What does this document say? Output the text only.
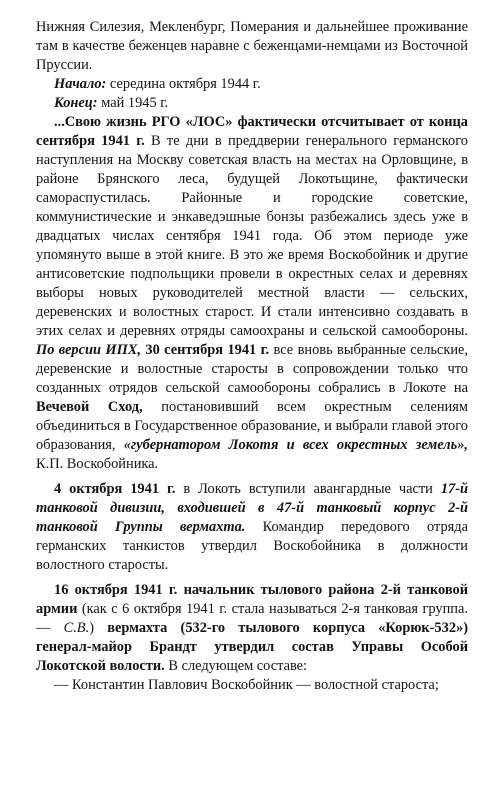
Нижняя Силезия, Мекленбург, Померания и дальнейшее проживание там в качестве беженцев наравне с беженцами-немцами из Восточной Пруссии.

Начало: середина октября 1944 г.

Конец: май 1945 г.

...Свою жизнь РГО «ЛОС» фактически отсчитывает от конца сентября 1941 г. В те дни в преддверии генерального германского наступления на Москву советская власть на местах на Орловщине, в районе Брянского леса, будущей Локотьщине, фактически самораспустилась. Районные и городские советские, коммунистические и энкаведэшные бонзы разбежались здесь уже в двадцатых числах сентября 1941 года. Об этом периоде уже упомянуто выше в этой книге. В это же время Воскобойник и другие антисоветские подпольщики провели в окрестных селах и деревнях выборы новых руководителей местной власти — сельских, деревенских и волостных старост. И стали интенсивно создавать в этих селах и деревнях отряды самоохраны и сельской самообороны. По версии ИПХ, 30 сентября 1941 г. все вновь выбранные сельские, деревенские и волостные старосты в сопровождении только что созданных отрядов сельской самообороны собрались в Локоте на Вечевой Сход, постановивший всем окрестным селениям объединиться в Государственное образование, и выбрали главой этого образования, «губернатором Локотя и всех окрестных земель», К.П. Воскобойника.

4 октября 1941 г. в Локоть вступили авангардные части 17-й танковой дивизии, входившей в 47-й танковый корпус 2-й танковой Группы вермахта. Командир передового отряда германских танкистов утвердил Воскобойника в должности волостного старосты.

16 октября 1941 г. начальник тылового района 2-й танковой армии (как с 6 октября 1941 г. стала называться 2-я танковая группа. — С.В.) вермахта (532-го тылового корпуса «Корюк-532») генерал-майор Брандт утвердил состав Управы Особой Локотской волости. В следующем составе:

— Константин Павлович Воскобойник — волостной староста;
